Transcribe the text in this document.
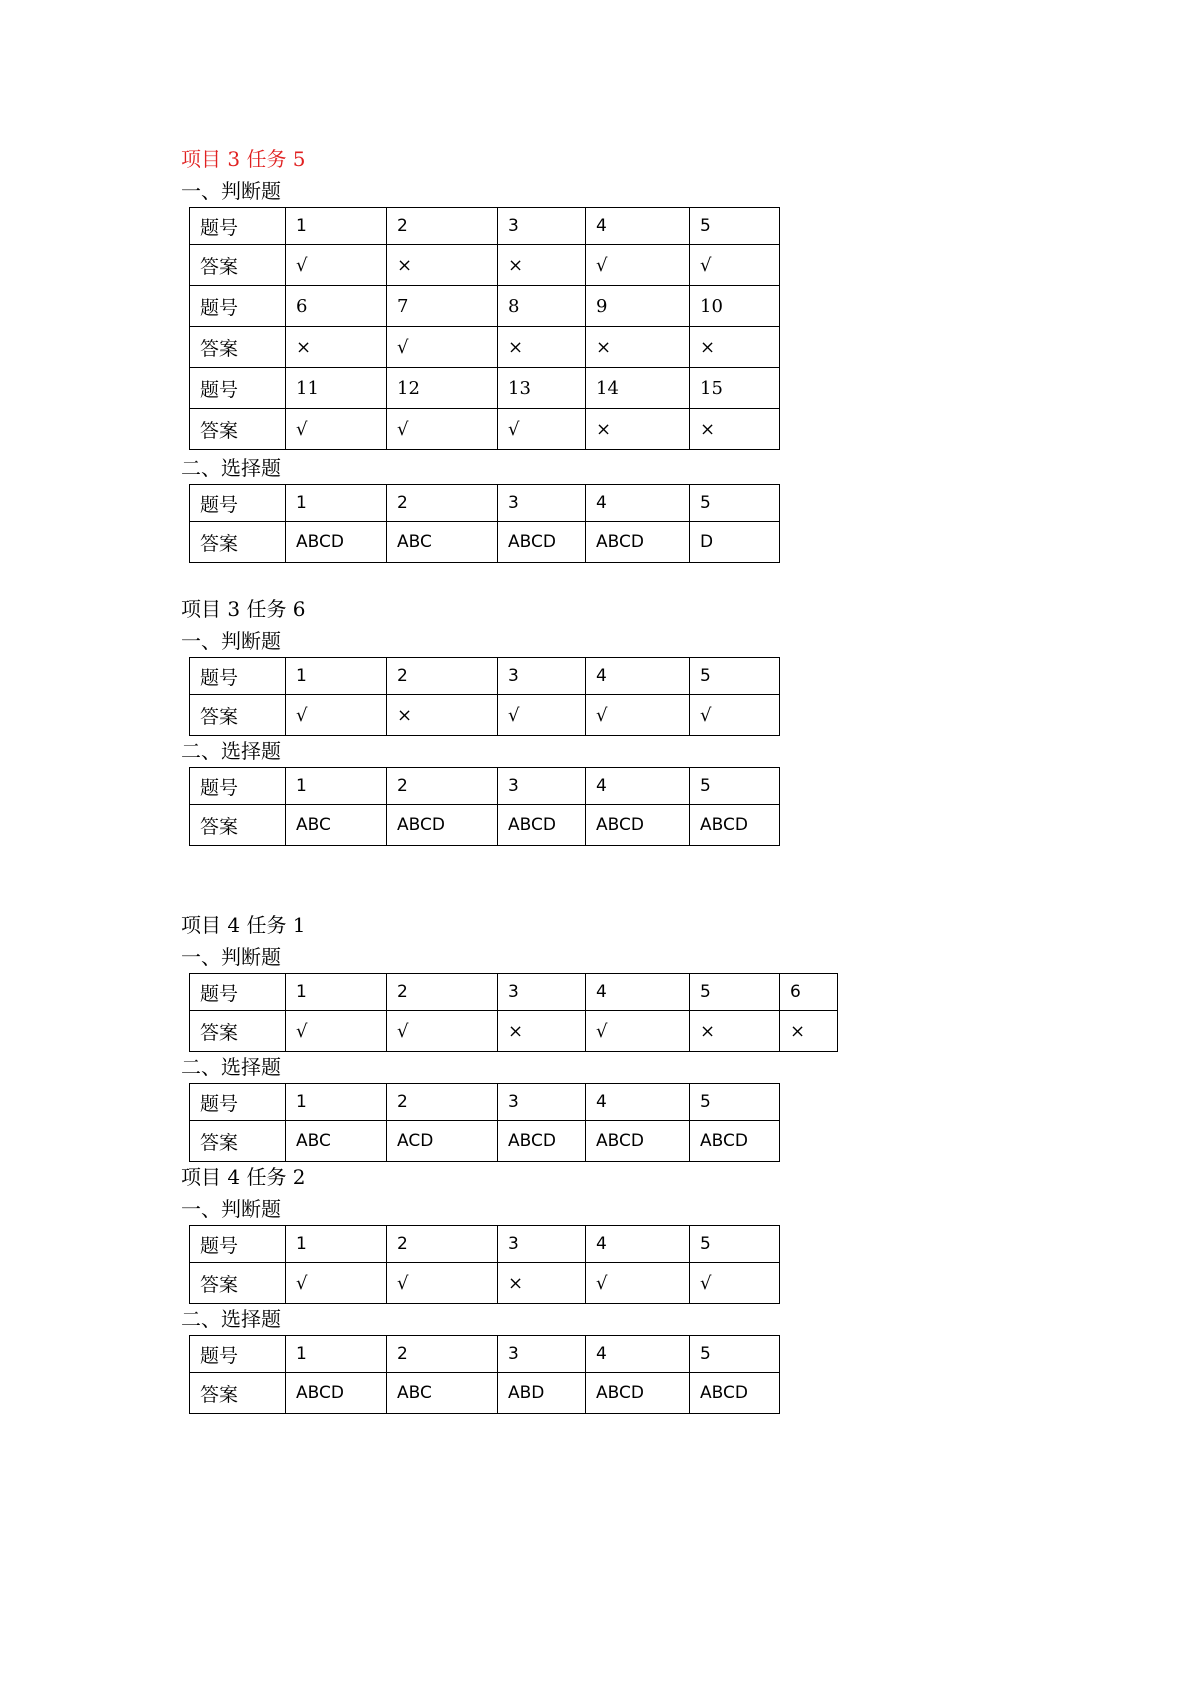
项目 3 任务 5
一、判断题
题号	1	2	3	4	5
答案	√	×	×	√	√
题号	6	7	8	9	10
答案	×	√	×	×	×
题号	11	12	13	14	15
答案	√	√	√	×	×
二、选择题
题号	1	2	3	4	5
答案	ABCD	ABC	ABCD	ABCD	D
项目 3 任务 6
一、判断题
题号	1	2	3	4	5
答案	√	×	√	√	√
二、选择题
题号	1	2	3	4	5
答案	ABC	ABCD	ABCD	ABCD	ABCD
项目 4 任务 1
一、判断题
题号	1	2	3	4	5	6
答案	√	√	×	√	×	×
二、选择题
题号	1	2	3	4	5
答案	ABC	ACD	ABCD	ABCD	ABCD
项目 4 任务 2
一、判断题
题号	1	2	3	4	5
答案	√	√	×	√	√
二、选择题
题号	1	2	3	4	5
答案	ABCD	ABC	ABD	ABCD	ABCD
